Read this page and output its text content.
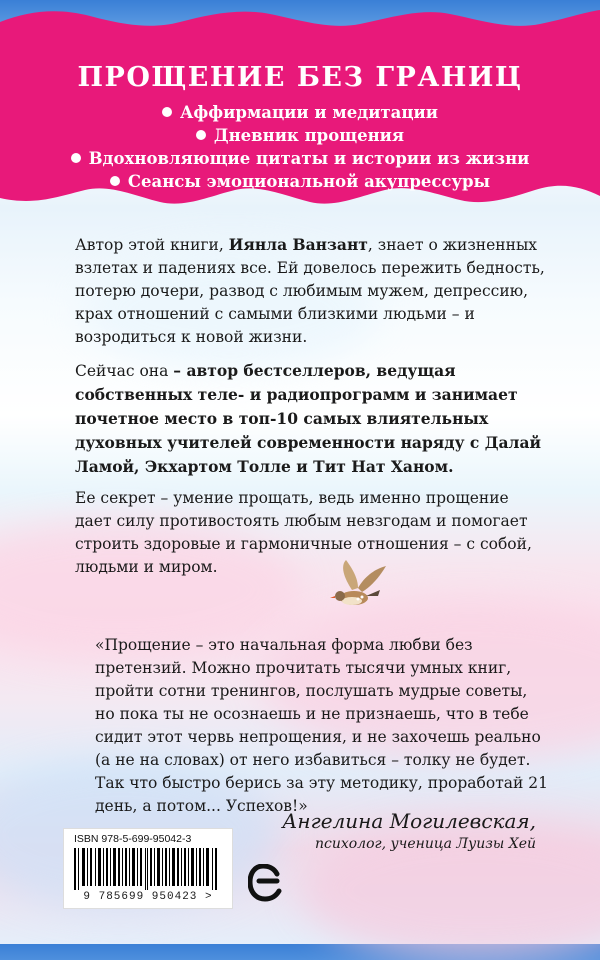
ПРОЩЕНИЕ БЕЗ ГРАНИЦ
Аффирмации и медитации
Дневник прощения
Вдохновляющие цитаты и истории из жизни
Сеансы эмоциональной акупрессуры

Автор этой книги, Иянла Ванзант, знает о жизненных взлетах и падениях все. Ей довелось пережить бедность, потерю дочери, развод с любимым мужем, депрессию, крах отношений с самыми близкими людьми – и возродиться к новой жизни.

Сейчас она – автор бестселлеров, ведущая собственных теле- и радиопрограмм и занимает почетное место в топ-10 самых влиятельных духовных учителей современности наряду с Далай Ламой, Экхартом Толле и Тит Нат Ханом.

Ее секрет – умение прощать, ведь именно прощение дает силу противостоять любым невзгодам и помогает строить здоровые и гармоничные отношения – с собой, людьми и миром.

«Прощение – это начальная форма любви без претензий. Можно прочитать тысячи умных книг, пройти сотни тренингов, послушать мудрые советы, но пока ты не осознаешь и не признаешь, что в тебе сидит этот червь непрощения, и не захочешь реально (а не на словах) от него избавиться – толку не будет. Так что быстро берись за эту методику, проработай 21 день, а потом... Успехов!»

Ангелина Могилевская,
психолог, ученица Луизы Хей
ISBN 978-5-699-95042-3
9 785699 950423 >
